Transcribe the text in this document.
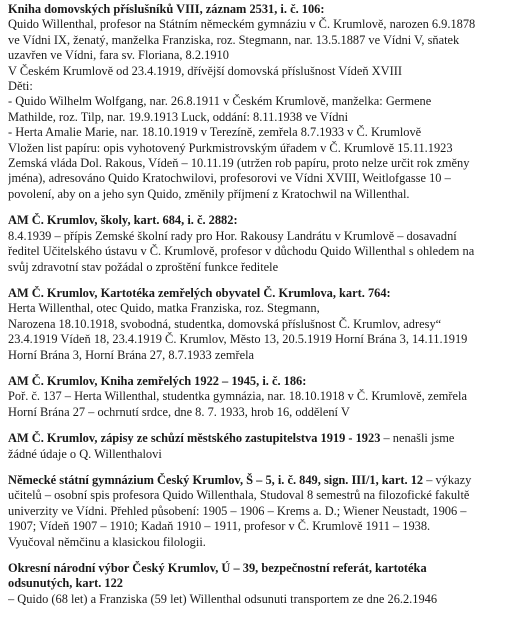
Kniha domovských příslušníků VIII, záznam 2531, i. č. 106:
Quido Willenthal, profesor na Státním německém gymnáziu v Č. Krumlově, narozen 6.9.1878
ve Vídni IX, ženatý, manželka Franziska, roz. Stegmann, nar. 13.5.1887 ve Vídni V, sňatek
uzavřen ve Vídni, fara sv. Floriana, 8.2.1910
V Českém Krumlově od 23.4.1919, dřívější domovská příslušnost Vídeň XVIII
Děti:
- Quido Wilhelm Wolfgang, nar. 26.8.1911 v Českém Krumlově, manželka: Germene
Mathilde, roz. Tilp, nar. 19.9.1913 Luck, oddání: 8.11.1938 ve Vídni
- Herta Amalie Marie, nar. 18.10.1919 v Terezíně, zemřela 8.7.1933 v Č. Krumlově
Vložen list papíru: opis vyhotovený Purkmistrovským úřadem v Č. Krumlově 15.11.1923
Zemská vláda Dol. Rakous, Vídeň – 10.11.19 (utržen rob papíru, proto nelze určit rok změny
jména), adresováno Quido Kratochwilovi, profesorovi ve Vídni XVIII, Weitlofgasse 10 –
povolení, aby on a jeho syn Quido, změnily příjmení z Kratochwil na Willenthal.
AM Č. Krumlov, školy, kart. 684, i. č. 2882:
8.4.1939 – přípis Zemské školní rady pro Hor. Rakousy Landrátu v Krumlově – dosavadní
ředitel Učitelského ústavu v Č. Krumlově, profesor v důchodu Quido Willenthal s ohledem na
svůj zdravotní stav požádal o zproštění funkce ředitele
AM Č. Krumlov, Kartotéka zemřelých obyvatel Č. Krumlova, kart. 764:
Herta Willenthal, otec Quido, matka Franziska, roz. Stegmann,
Narozena 18.10.1918, svobodná, studentka, domovská příslušnost Č. Krumlov, adresy“
23.4.1919 Vídeň 18, 23.4.1919 Č. Krumlov, Město 13, 20.5.1919 Horní Brána 3, 14.11.1919
Horní Brána 3, Horní Brána 27, 8.7.1933 zemřela
AM Č. Krumlov, Kniha zemřelých 1922 – 1945, i. č. 186:
Poř. č. 137 – Herta Willenthal, studentka gymnázia, nar. 18.10.1918 v Č. Krumlově, zemřela
Horní Brána 27 – ochrnutí srdce, dne 8. 7. 1933, hrob 16, oddělení V
AM Č. Krumlov, zápisy ze schůzí městského zastupitelstva 1919 - 1923 – nenašli jsme
žádné údaje o Q. Willenthalovi
Německé státní gymnázium Český Krumlov, Š – 5, i. č. 849, sign. III/1, kart. 12 – výkazy
učitelů – osobní spis profesora Quido Willenthala, Studoval 8 semestrů na filozofické fakultě
univerzity ve Vídni. Přehled působení: 1905 – 1906 – Krems a. D.; Wiener Neustadt, 1906 –
1907; Vídeň 1907 – 1910; Kadaň 1910 – 1911, profesor v Č. Krumlově 1911 – 1938.
Vyučoval němčinu a klasickou filologii.
Okresní národní výbor Český Krumlov, Ú – 39, bezpečnostní referát, kartotéka
odsunutých, kart. 122
– Quido (68 let) a Franziska (59 let) Willenthal odsunuti transportem ze dne 26.2.1946
